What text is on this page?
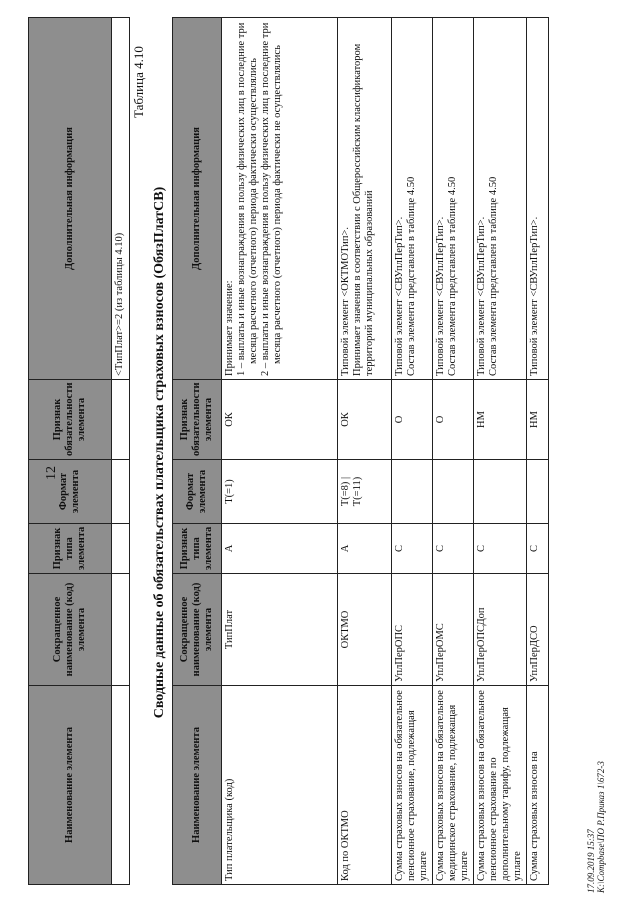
Наименование элемента	Сокращенное наименование (код) элемента	Признак типа элемента	Формат элемента	Признак обязательности элемента	Дополнительная информация
					<ТипПлат>=2 (из таблицы 4.10)
12
Таблица 4.10
Сводные данные об обязательствах плательщика страховых взносов (ОбязПлатСВ)
Наименование элемента	Сокращенное наименование (код) элемента	Признак типа элемента	Формат элемента	Признак обязательности элемента	Дополнительная информация
Тип плательщика (код)	ТипПлат	А	Т(=1)	ОК	Принимает значение: 1 – выплаты и иные вознаграждения в пользу физических лиц в последние три месяца расчетного (отчетного) периода фактически осуществлялись 2 – выплаты и иные вознаграждения в пользу физических лиц в последние три месяца расчетного (отчетного) периода фактически не осуществлялись

Код по ОКТМО	ОКТМО	А	Т(=8) | Т(=11)	ОК	Типовой элемент <ОКТМОТип>. Принимает значения в соответствии с Общероссийским классификатором территорий муниципальных образований

Сумма страховых взносов на обязательное пенсионное страхование, подлежащая уплате	УплПерОПС	С		О	Типовой элемент <СВУплПерТип>. Состав элемента представлен в таблице 4.50

Сумма страховых взносов на обязательное медицинское страхование, подлежащая уплате	УплПерОМС	С		О	Типовой элемент <СВУплПерТип>. Состав элемента представлен в таблице 4.50

Сумма страховых взносов на обязательное пенсионное страхование по дополнительному тарифу, подлежащая уплате	УплПерОПСДоп	С		НМ	Типовой элемент <СВУплПерТип>. Состав элемента представлен в таблице 4.50

Сумма страховых взносов на	УплПерДСО	С		НМ	Типовой элемент <СВУплПерТип>.
17.09.2019 15:37 К:\Сompbase\ПО Р.Приказ 1\672-3
